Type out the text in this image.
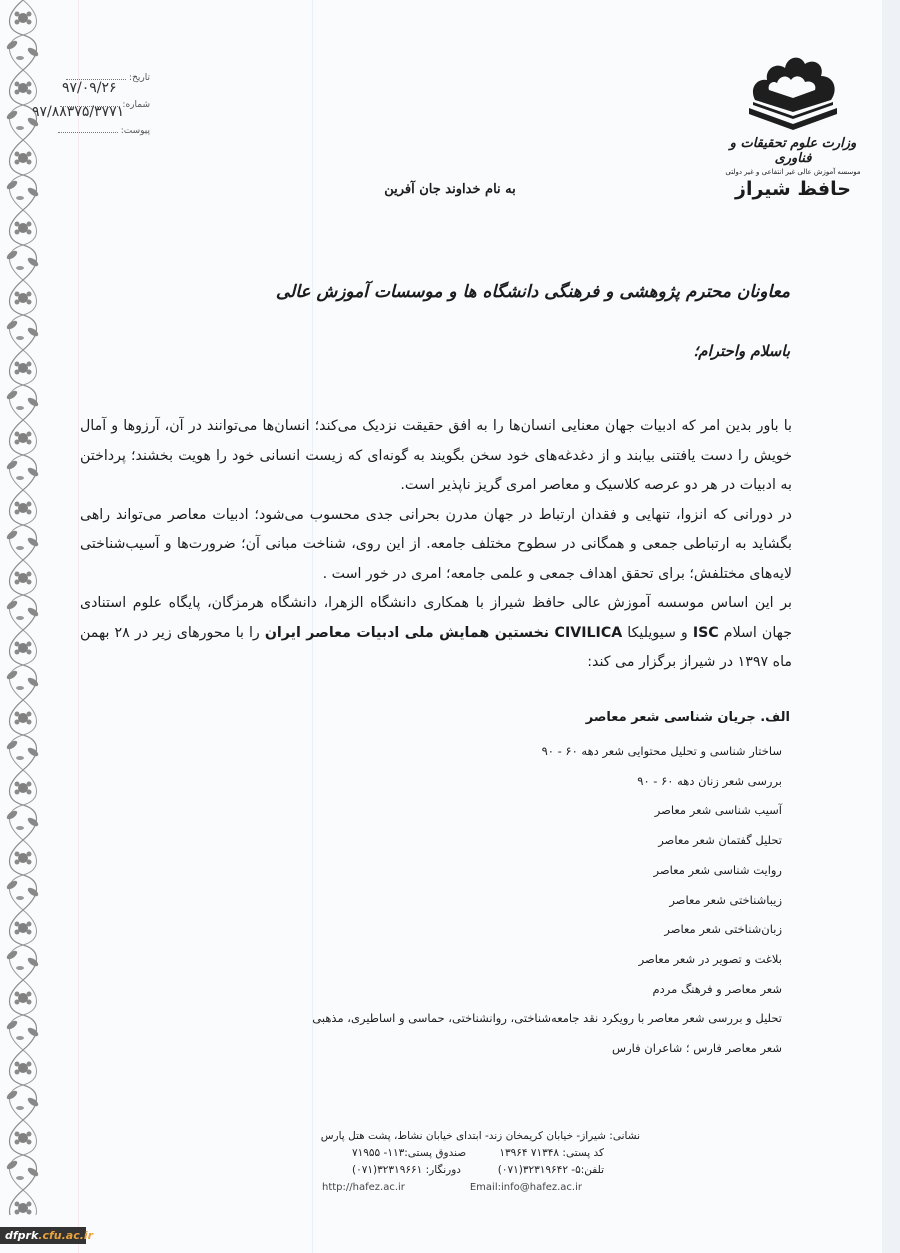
تاریخ:
۹۷/۰۹/۲۶
شماره:
۹۷/۸۸۳۷۵/۳۷۷۱
پیوست:
وزارت علوم تحقیقات و فناوری
موسسه آموزش عالی غیر انتفاعی و غیر دولتی
حافظ شیراز
به نام خداوند جان آفرین
معاونان محترم پژوهشی و فرهنگی دانشگاه ها و موسسات آموزش عالی
باسلام واحترام؛

با باور بدین امر که ادبیات جهان معنایی انسان‌ها را به افق حقیقت نزدیک می‌کند؛ انسان‌ها می‌توانند در آن، آرزوها و آمال خویش را دست یافتنی بیابند و از دغدغه‌های خود سخن بگویند به گونه‌ای که زیست انسانی خود را هویت بخشند؛ پرداختن به ادبیات در هر دو عرصه کلاسیک و معاصر امری گریز ناپذیر است.

در دورانی که انزوا، تنهایی و فقدان ارتباط در جهان مدرن بحرانی جدی محسوب می‌شود؛ ادبیات معاصر می‌تواند راهی بگشاید به ارتباطی جمعی و همگانی در سطوح مختلف جامعه. از این روی، شناخت مبانی آن؛ ضرورت‌ها و آسیب‌شناختی لایه‌های مختلفش؛ برای تحقق اهداف جمعی و علمی جامعه؛ امری در خور است .

بر این اساس موسسه آموزش عالی حافظ شیراز با همکاری دانشگاه الزهرا، دانشگاه هرمزگان، پایگاه علوم استنادی جهان اسلام ISC و سیویلیکا CIVILICA نخستین همایش ملی ادبیات معاصر ایران را با محورهای زیر در ۲۸ بهمن ماه ۱۳۹۷ در شیراز برگزار می کند:

الف. جریان شناسی شعر معاصر
ساختار شناسی و تحلیل محتوایی شعر دهه ۶۰ - ۹۰
بررسی شعر زنان دهه ۶۰ - ۹۰
آسیب شناسی شعر معاصر
تحلیل گفتمان شعر معاصر
روایت شناسی شعر معاصر
زیباشناختی شعر معاصر
زبان‌شناختی شعر معاصر
بلاغت و تصویر در شعر معاصر
شعر معاصر و فرهنگ مردم
تحلیل و بررسی شعر معاصر با رویکرد نقد جامعه‌شناختی، روانشناختی، حماسی و اساطیری، مذهبی
شعر معاصر فارس ؛ شاعران فارس
نشانی: شیراز- خیابان کریمخان زند- ابتدای خیابان نشاط، پشت هتل پارس
کد پستی: ۷۱۳۴۸ ۱۳۹۶۴
صندوق پستی:۱۱۳- ۷۱۹۵۵
تلفن:۵- ۳۲۳۱۹۶۴۲(۰۷۱)
دورنگار: ۳۲۳۱۹۶۶۱(۰۷۱)
http://hafez.ac.ir	Email:info@hafez.ac.ir
dfprk.cfu.ac.ir
